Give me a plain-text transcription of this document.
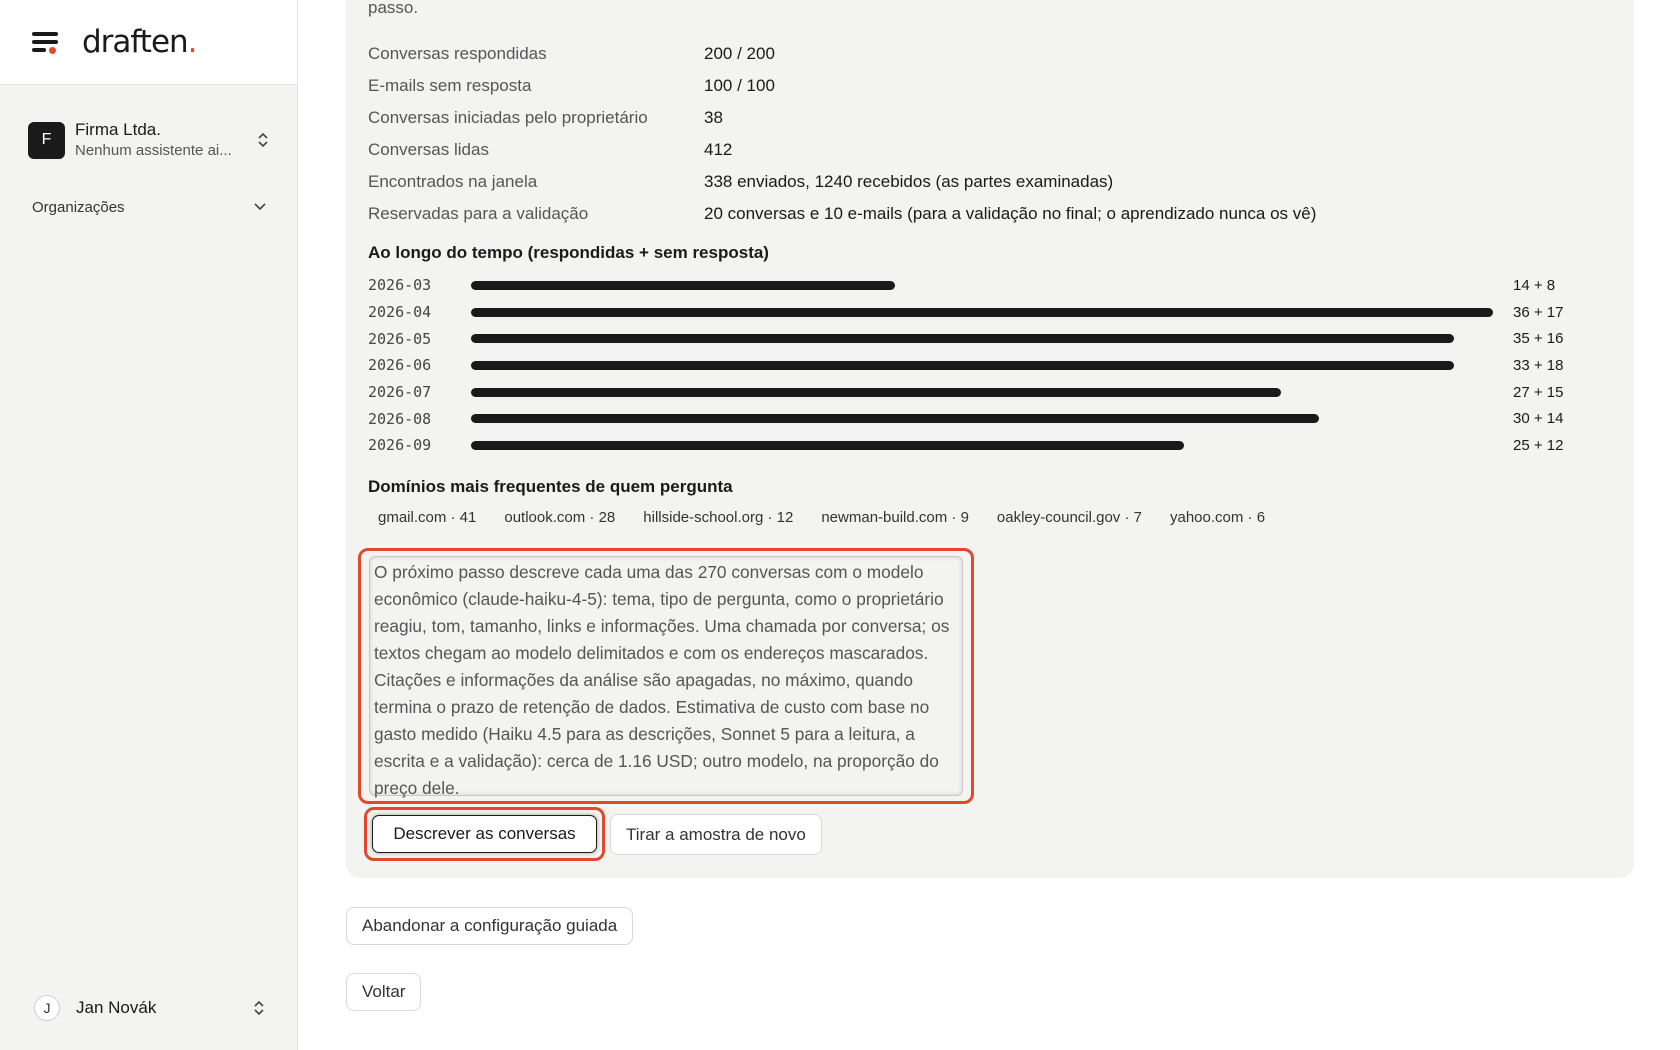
draften.
F
Firma Ltda.
Nenhum assistente ai...
Organizações
J	Jan Novák
passo.
Conversas respondidas	200 / 200
E-mails sem resposta	100 / 100
Conversas iniciadas pelo proprietário	38
Conversas lidas	412
Encontrados na janela	338 enviados, 1240 recebidos (as partes examinadas)
Reservadas para a validação	20 conversas e 10 e-mails (para a validação no final; o aprendizado nunca os vê)
Ao longo do tempo (respondidas + sem resposta)
2026-03	14 + 8
2026-04	36 + 17
2026-05	35 + 16
2026-06	33 + 18
2026-07	27 + 15
2026-08	30 + 14
2026-09	25 + 12
Domínios mais frequentes de quem pergunta
gmail.com · 41 outlook.com · 28 hillside-school.org · 12 newman-build.com · 9 oakley-council.gov · 7 yahoo.com · 6

O próximo passo descreve cada uma das 270 conversas com o modelo econômico (claude-haiku-4-5): tema, tipo de pergunta, como o proprietário reagiu, tom, tamanho, links e informações. Uma chamada por conversa; os textos chegam ao modelo delimitados e com os endereços mascarados. Citações e informações da análise são apagadas, no máximo, quando termina o prazo de retenção de dados. Estimativa de custo com base no gasto medido (Haiku 4.5 para as descrições, Sonnet 5 para a leitura, a escrita e a validação): cerca de 1.16 USD; outro modelo, na proporção do preço dele.

Descrever as conversas	Tirar a amostra de novo
Abandonar a configuração guiada
Voltar
